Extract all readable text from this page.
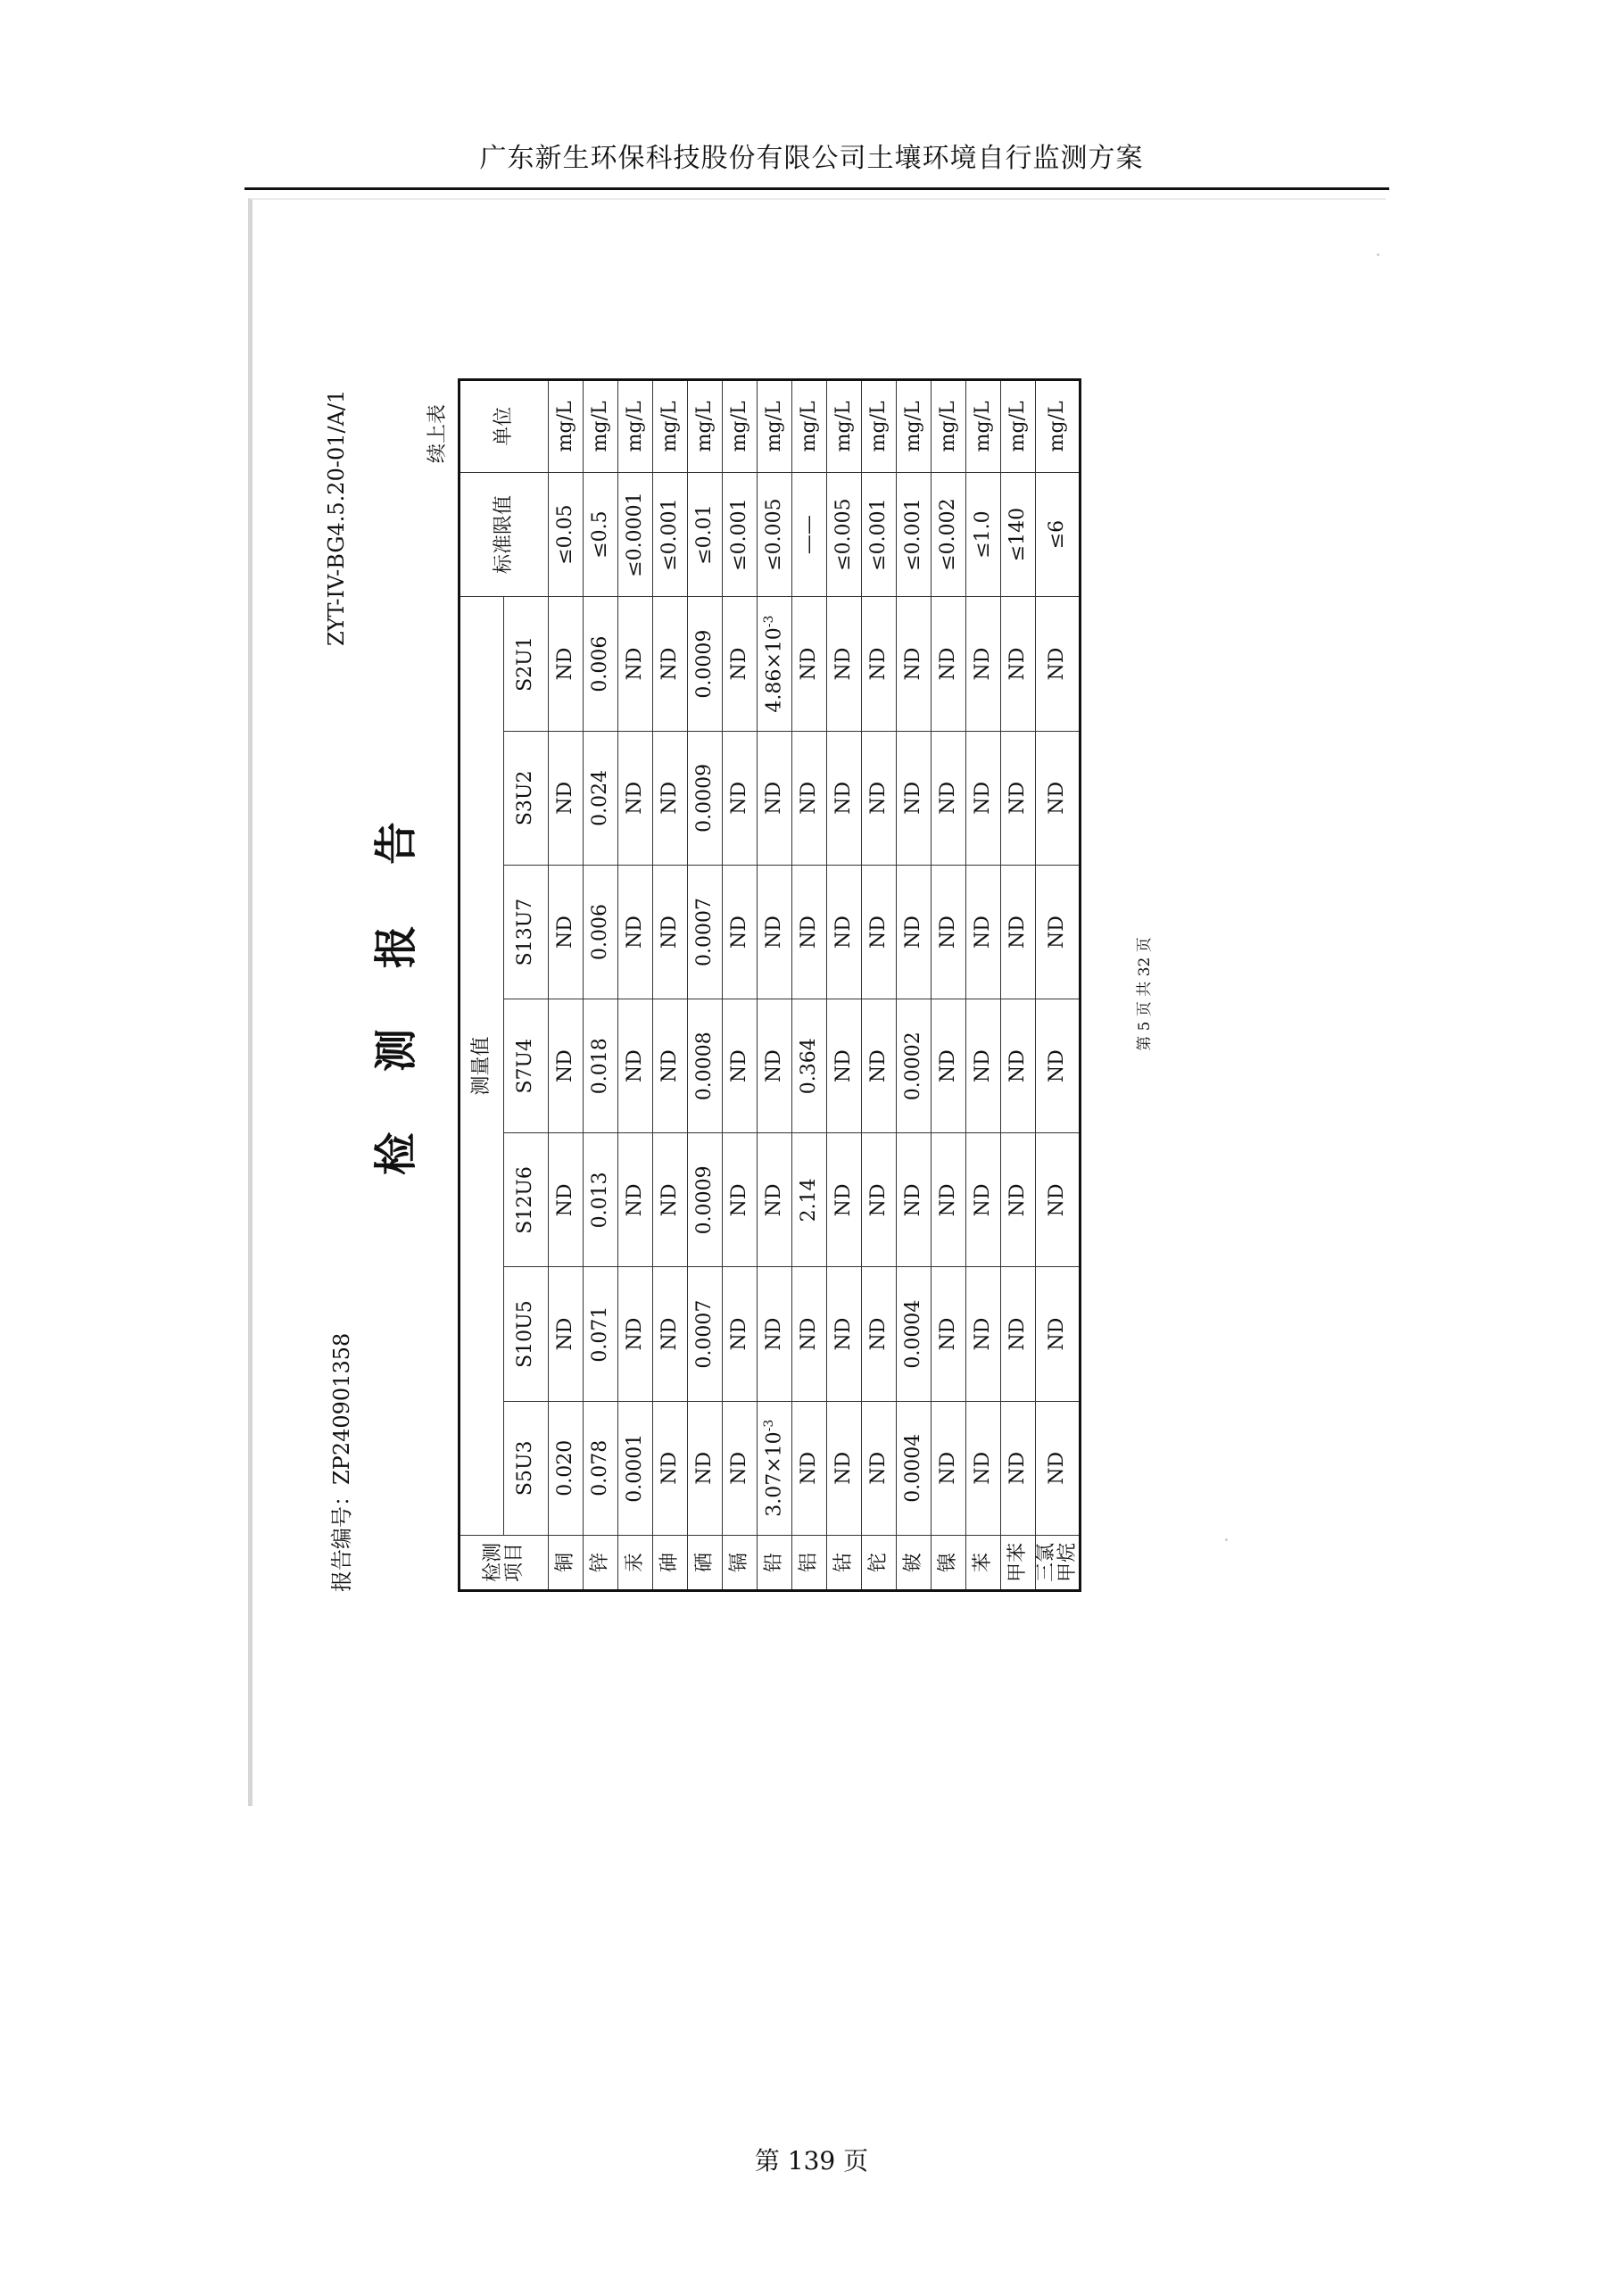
广东新生环保科技股份有限公司土壤环境自行监测方案
报告编号：ZP240901358
ZYT-IV-BG4.5.20-01/A/1
检　测　报　告
续上表
检测 项目	测量值							标准限值	单位
	S5U3	S10U5	S12U6	S7U4	S13U7	S3U2	S2U1		
铜	0.020	ND	ND	ND	ND	ND	ND	≤0.05	mg/L
锌	0.078	0.071	0.013	0.018	0.006	0.024	0.006	≤0.5	mg/L
汞	0.0001	ND	ND	ND	ND	ND	ND	≤0.0001	mg/L
砷	ND	ND	ND	ND	ND	ND	ND	≤0.001	mg/L
硒	ND	0.0007	0.0009	0.0008	0.0007	0.0009	0.0009	≤0.01	mg/L
镉	ND	ND	ND	ND	ND	ND	ND	≤0.001	mg/L
铅	$3.07\times 10^{-3}$	ND	ND	ND	ND	ND	$4.86\times 10^{-3}$	≤0.005	mg/L
铝	ND	ND	2.14	0.364	ND	ND	ND	——	mg/L
钴	ND	ND	ND	ND	ND	ND	ND	≤0.005	mg/L
铊	ND	ND	ND	ND	ND	ND	ND	≤0.001	mg/L
铍	0.0004	0.0004	ND	0.0002	ND	ND	ND	≤0.001	mg/L
镍	ND	ND	ND	ND	ND	ND	ND	≤0.002	mg/L
苯	ND	ND	ND	ND	ND	ND	ND	≤1.0	mg/L
甲苯	ND	ND	ND	ND	ND	ND	ND	≤140	mg/L
三氯甲烷	ND	ND	ND	ND	ND	ND	ND	≤6	mg/L
第 5 页 共 32 页
第 139 页
